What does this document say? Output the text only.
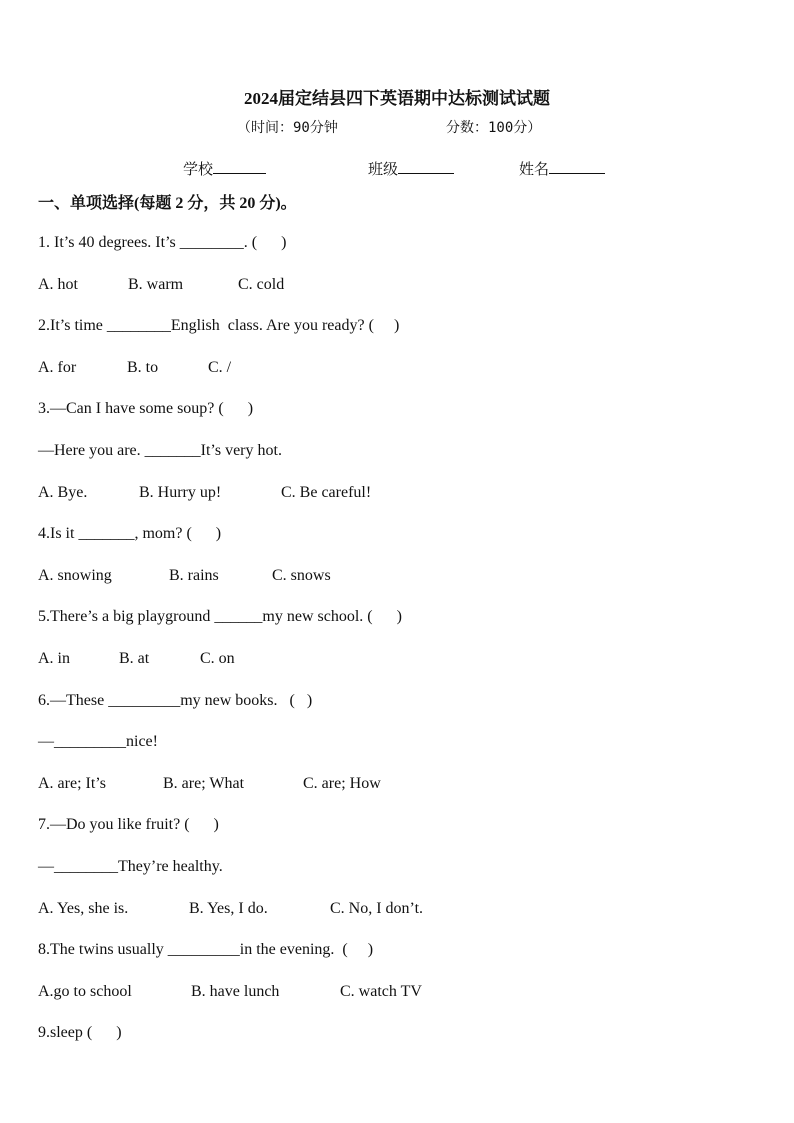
2024届定结县四下英语期中达标测试试题
（时间：90分钟	分数：100分）
学校	班级	姓名
一、单项选择(每题 2 分，共 20 分)。
1. It’s 40 degrees. It’s ________. (      )
A. hot	B. warm	C. cold
2.It’s time ________English  class. Are you ready? (     )
A. for	B. to	C. /
3.—Can I have some soup? (      )
—Here you are. _______It’s very hot.
A. Bye.	B. Hurry up!	C. Be careful!
4.Is it _______, mom? (      )
A. snowing	B. rains	C. snows
5.There’s a big playground ______my new school. (      )
A. in	B. at	C. on
6.—These _________my new books.   (   )
—_________nice!
A. are; It’s	B. are; What	C. are; How
7.—Do you like fruit? (      )
—________They’re healthy.
A. Yes, she is.	B. Yes, I do.	C. No, I don’t.
8.The twins usually _________in the evening.  (     )
A.go to school	B. have lunch	C. watch TV
9.sleep (      )
